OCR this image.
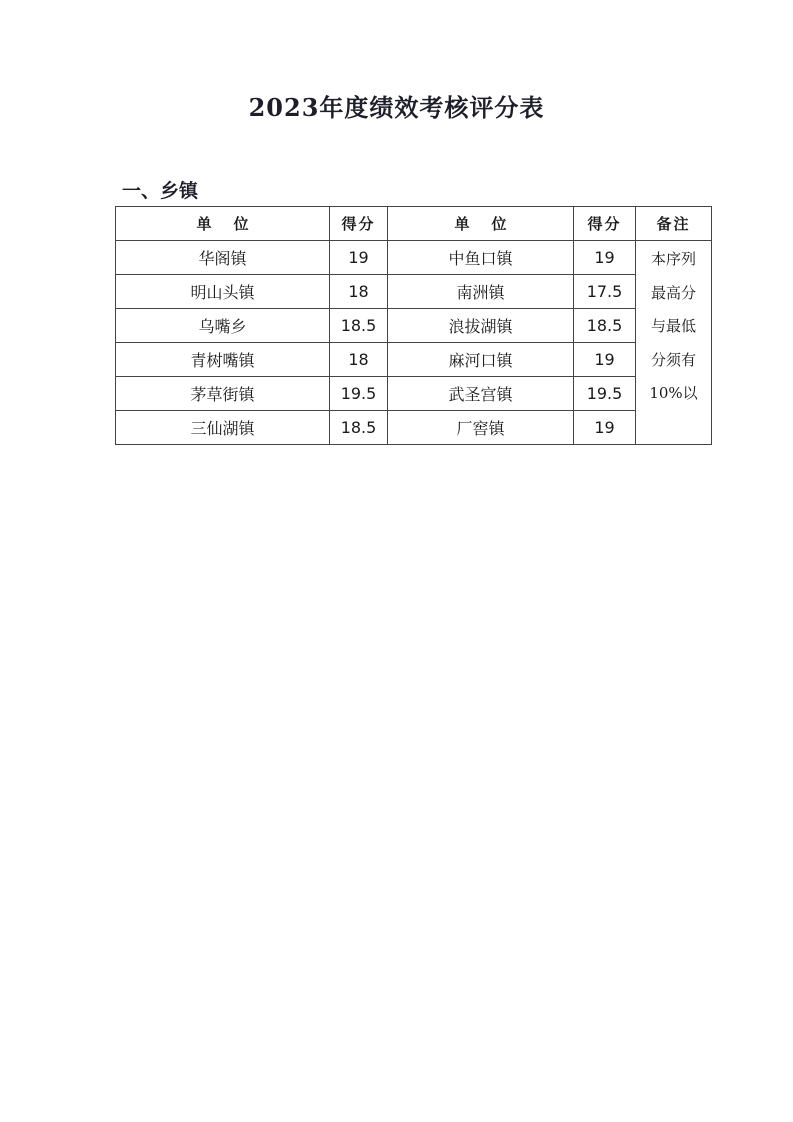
2023年度绩效考核评分表
一、乡镇
单位	得分	单位	得分	备注
华阁镇	19	中鱼口镇	19	本序列
最高分
与最低
分须有
10%以

明山头镇	18	南洲镇	17.5	
乌嘴乡	18.5	浪拔湖镇	18.5	
青树嘴镇	18	麻河口镇	19	
茅草街镇	19.5	武圣宫镇	19.5	
三仙湖镇	18.5	厂窖镇	19	
